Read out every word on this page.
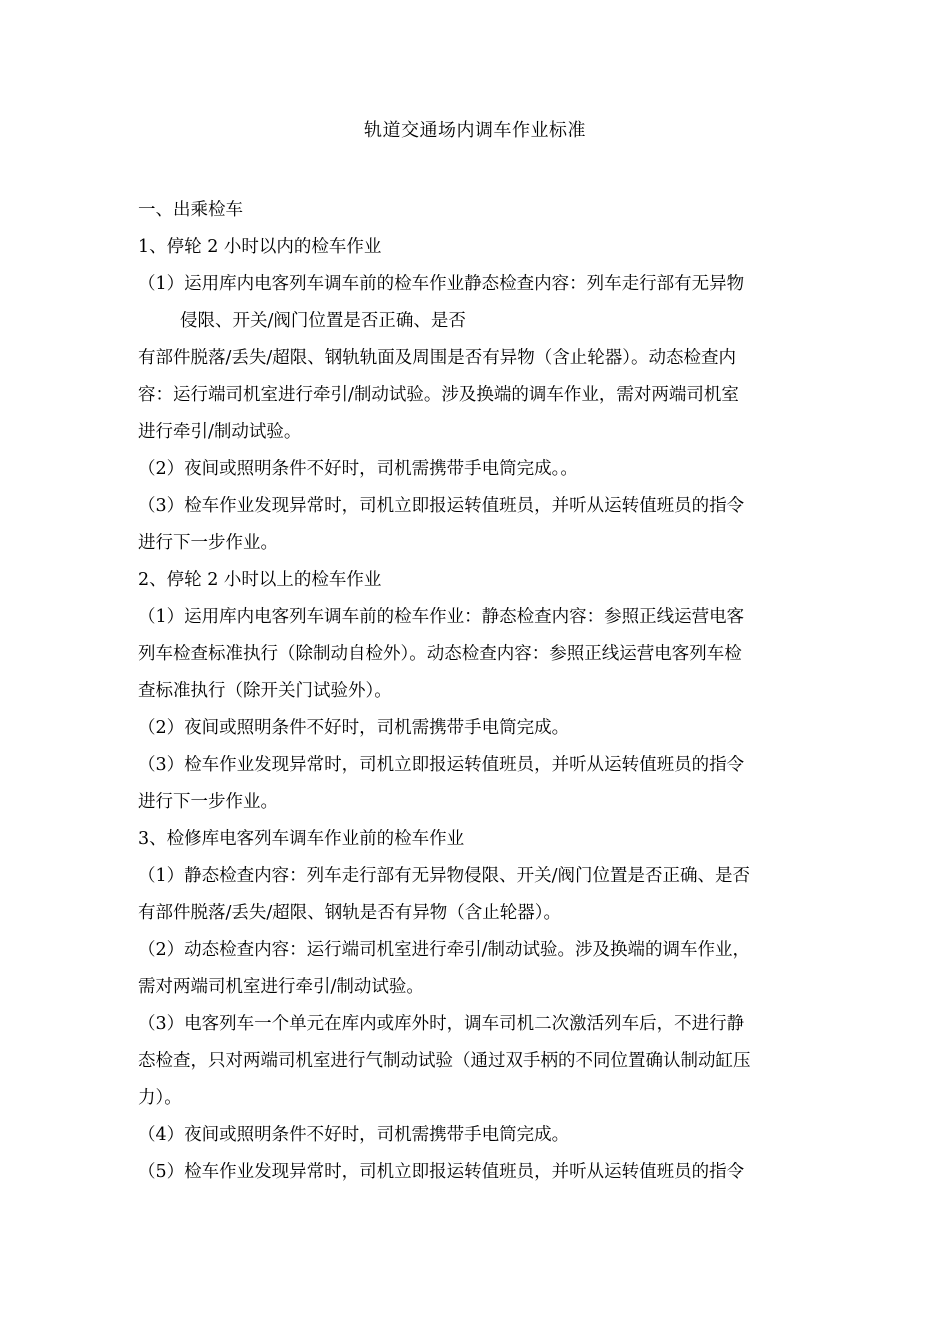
轨道交通场内调车作业标准
一、出乘检车
1、停轮 2 小时以内的检车作业
（1）运用库内电客列车调车前的检车作业静态检查内容：列车走行部有无异物
侵限、开关/阀门位置是否正确、是否
有部件脱落/丢失/超限、钢轨轨面及周围是否有异物（含止轮器）。动态检查内
容：运行端司机室进行牵引/制动试验。涉及换端的调车作业，需对两端司机室
进行牵引/制动试验。
（2）夜间或照明条件不好时，司机需携带手电筒完成。。
（3）检车作业发现异常时，司机立即报运转值班员，并听从运转值班员的指令
进行下一步作业。
2、停轮 2 小时以上的检车作业
（1）运用库内电客列车调车前的检车作业：静态检查内容：参照正线运营电客
列车检查标准执行（除制动自检外）。动态检查内容：参照正线运营电客列车检
查标准执行（除开关门试验外）。
（2）夜间或照明条件不好时，司机需携带手电筒完成。
（3）检车作业发现异常时，司机立即报运转值班员，并听从运转值班员的指令
进行下一步作业。
3、检修库电客列车调车作业前的检车作业
（1）静态检查内容：列车走行部有无异物侵限、开关/阀门位置是否正确、是否
有部件脱落/丢失/超限、钢轨是否有异物（含止轮器）。
（2）动态检查内容：运行端司机室进行牵引/制动试验。涉及换端的调车作业，
需对两端司机室进行牵引/制动试验。
（3）电客列车一个单元在库内或库外时，调车司机二次激活列车后，不进行静
态检查，只对两端司机室进行气制动试验（通过双手柄的不同位置确认制动缸压
力）。
（4）夜间或照明条件不好时，司机需携带手电筒完成。
（5）检车作业发现异常时，司机立即报运转值班员，并听从运转值班员的指令
